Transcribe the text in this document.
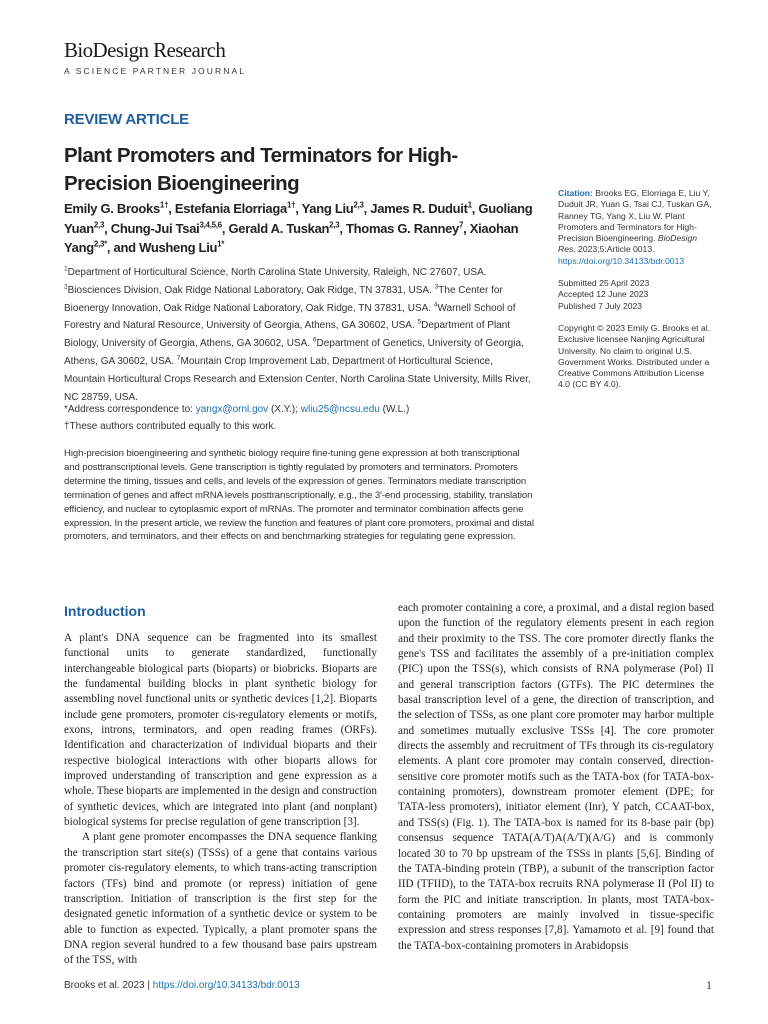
BioDesign Research
A SCIENCE PARTNER JOURNAL
REVIEW ARTICLE
Plant Promoters and Terminators for High-Precision Bioengineering
Emily G. Brooks$^{1\dagger}$, Estefania Elorriaga$^{1\dagger}$, Yang Liu$^{2,3}$, James R. Duduit$^1$, Guoliang Yuan$^{2,3}$, Chung-Jui Tsai$^{3,4,5,6}$, Gerald A. Tuskan$^{2,3}$, Thomas G. Ranney$^7$, Xiaohan Yang$^{2,3*}$, and Wusheng Liu$^{1*}$
$^1$Department of Horticultural Science, North Carolina State University, Raleigh, NC 27607, USA. $^2$Biosciences Division, Oak Ridge National Laboratory, Oak Ridge, TN 37831, USA. $^3$The Center for Bioenergy Innovation, Oak Ridge National Laboratory, Oak Ridge, TN 37831, USA. $^4$Warnell School of Forestry and Natural Resource, University of Georgia, Athens, GA 30602, USA. $^5$Department of Plant Biology, University of Georgia, Athens, GA 30602, USA. $^6$Department of Genetics, University of Georgia, Athens, GA 30602, USA. $^7$Mountain Crop Improvement Lab, Department of Horticultural Science, Mountain Horticultural Crops Research and Extension Center, North Carolina State University, Mills River, NC 28759, USA.
*Address correspondence to: yangx@ornl.gov (X.Y.); wliu25@ncsu.edu (W.L.)
†These authors contributed equally to this work.
High-precision bioengineering and synthetic biology require fine-tuning gene expression at both transcriptional and posttranscriptional levels. Gene transcription is tightly regulated by promoters and terminators. Promoters determine the timing, tissues and cells, and levels of the expression of genes. Terminators mediate transcription termination of genes and affect mRNA levels posttranscriptionally, e.g., the 3′-end processing, stability, translation efficiency, and nuclear to cytoplasmic export of mRNAs. The promoter and terminator combination affects gene expression. In the present article, we review the function and features of plant core promoters, proximal and distal promoters, and terminators, and their effects on and benchmarking strategies for regulating gene expression.

Citation: Brooks EG, Elorriaga E, Liu Y, Duduit JR, Yuan G, Tsai CJ, Tuskan GA, Ranney TG, Yang X, Liu W. Plant Promoters and Terminators for High-Precision Bioengineering. BioDesign Res. 2023;5:Article 0013. https://doi.org/10.34133/bdr.0013

Submitted 25 April 2023
Accepted 12 June 2023
Published 7 July 2023

Copyright © 2023 Emily G. Brooks et al. Exclusive licensee Nanjing Agricultural University. No claim to original U.S. Government Works. Distributed under a Creative Commons Attribution License 4.0 (CC BY 4.0).

Introduction

A plant's DNA sequence can be fragmented into its smallest functional units to generate standardized, functionally interchangeable biological parts (bioparts) or biobricks. Bioparts are the fundamental building blocks in plant synthetic biology for assembling novel functional units or synthetic devices [1,2]. Bioparts include gene promoters, promoter cis-regulatory elements or motifs, exons, introns, terminators, and open reading frames (ORFs). Identification and characterization of individual bioparts and their respective biological interactions with other bioparts allows for improved understanding of transcription and gene expression as a whole. These bioparts are implemented in the design and construction of synthetic devices, which are integrated into plant (and nonplant) biological systems for precise regulation of gene transcription [3].

A plant gene promoter encompasses the DNA sequence flanking the transcription start site(s) (TSSs) of a gene that contains various promoter cis-regulatory elements, to which trans-acting transcription factors (TFs) bind and promote (or repress) initiation of gene transcription. Initiation of transcription is the first step for the designated genetic information of a synthetic device or system to be able to function as expected. Typically, a plant promoter spans the DNA region several hundred to a few thousand base pairs upstream of the TSS, with

each promoter containing a core, a proximal, and a distal region based upon the function of the regulatory elements present in each region and their proximity to the TSS. The core promoter directly flanks the gene's TSS and facilitates the assembly of a pre-initiation complex (PIC) upon the TSS(s), which consists of RNA polymerase (Pol) II and general transcription factors (GTFs). The PIC determines the basal transcription level of a gene, the direction of transcription, and the selection of TSSs, as one plant core promoter may harbor multiple and sometimes mutually exclusive TSSs [4]. The core promoter directs the assembly and recruitment of TFs through its cis-regulatory elements. A plant core promoter may contain conserved, direction-sensitive core promoter motifs such as the TATA-box (for TATA-box-containing promoters), downstream promoter element (DPE; for TATA-less promoters), initiator element (Inr), Y patch, CCAAT-box, and TSS(s) (Fig. 1). The TATA-box is named for its 8-base pair (bp) consensus sequence TATA(A/T)A(A/T)(A/G) and is commonly located 30 to 70 bp upstream of the TSSs in plants [5,6]. Binding of the TATA-binding protein (TBP), a subunit of the transcription factor IID (TFIID), to the TATA-box recruits RNA polymerase II (Pol II) to form the PIC and initiate transcription. In plants, most TATA-box-containing promoters are mainly involved in tissue-specific expression and stress responses [7,8]. Yamamoto et al. [9] found that the TATA-box-containing promoters in Arabidopsis

Brooks et al. 2023 | https://doi.org/10.34133/bdr.0013	1
